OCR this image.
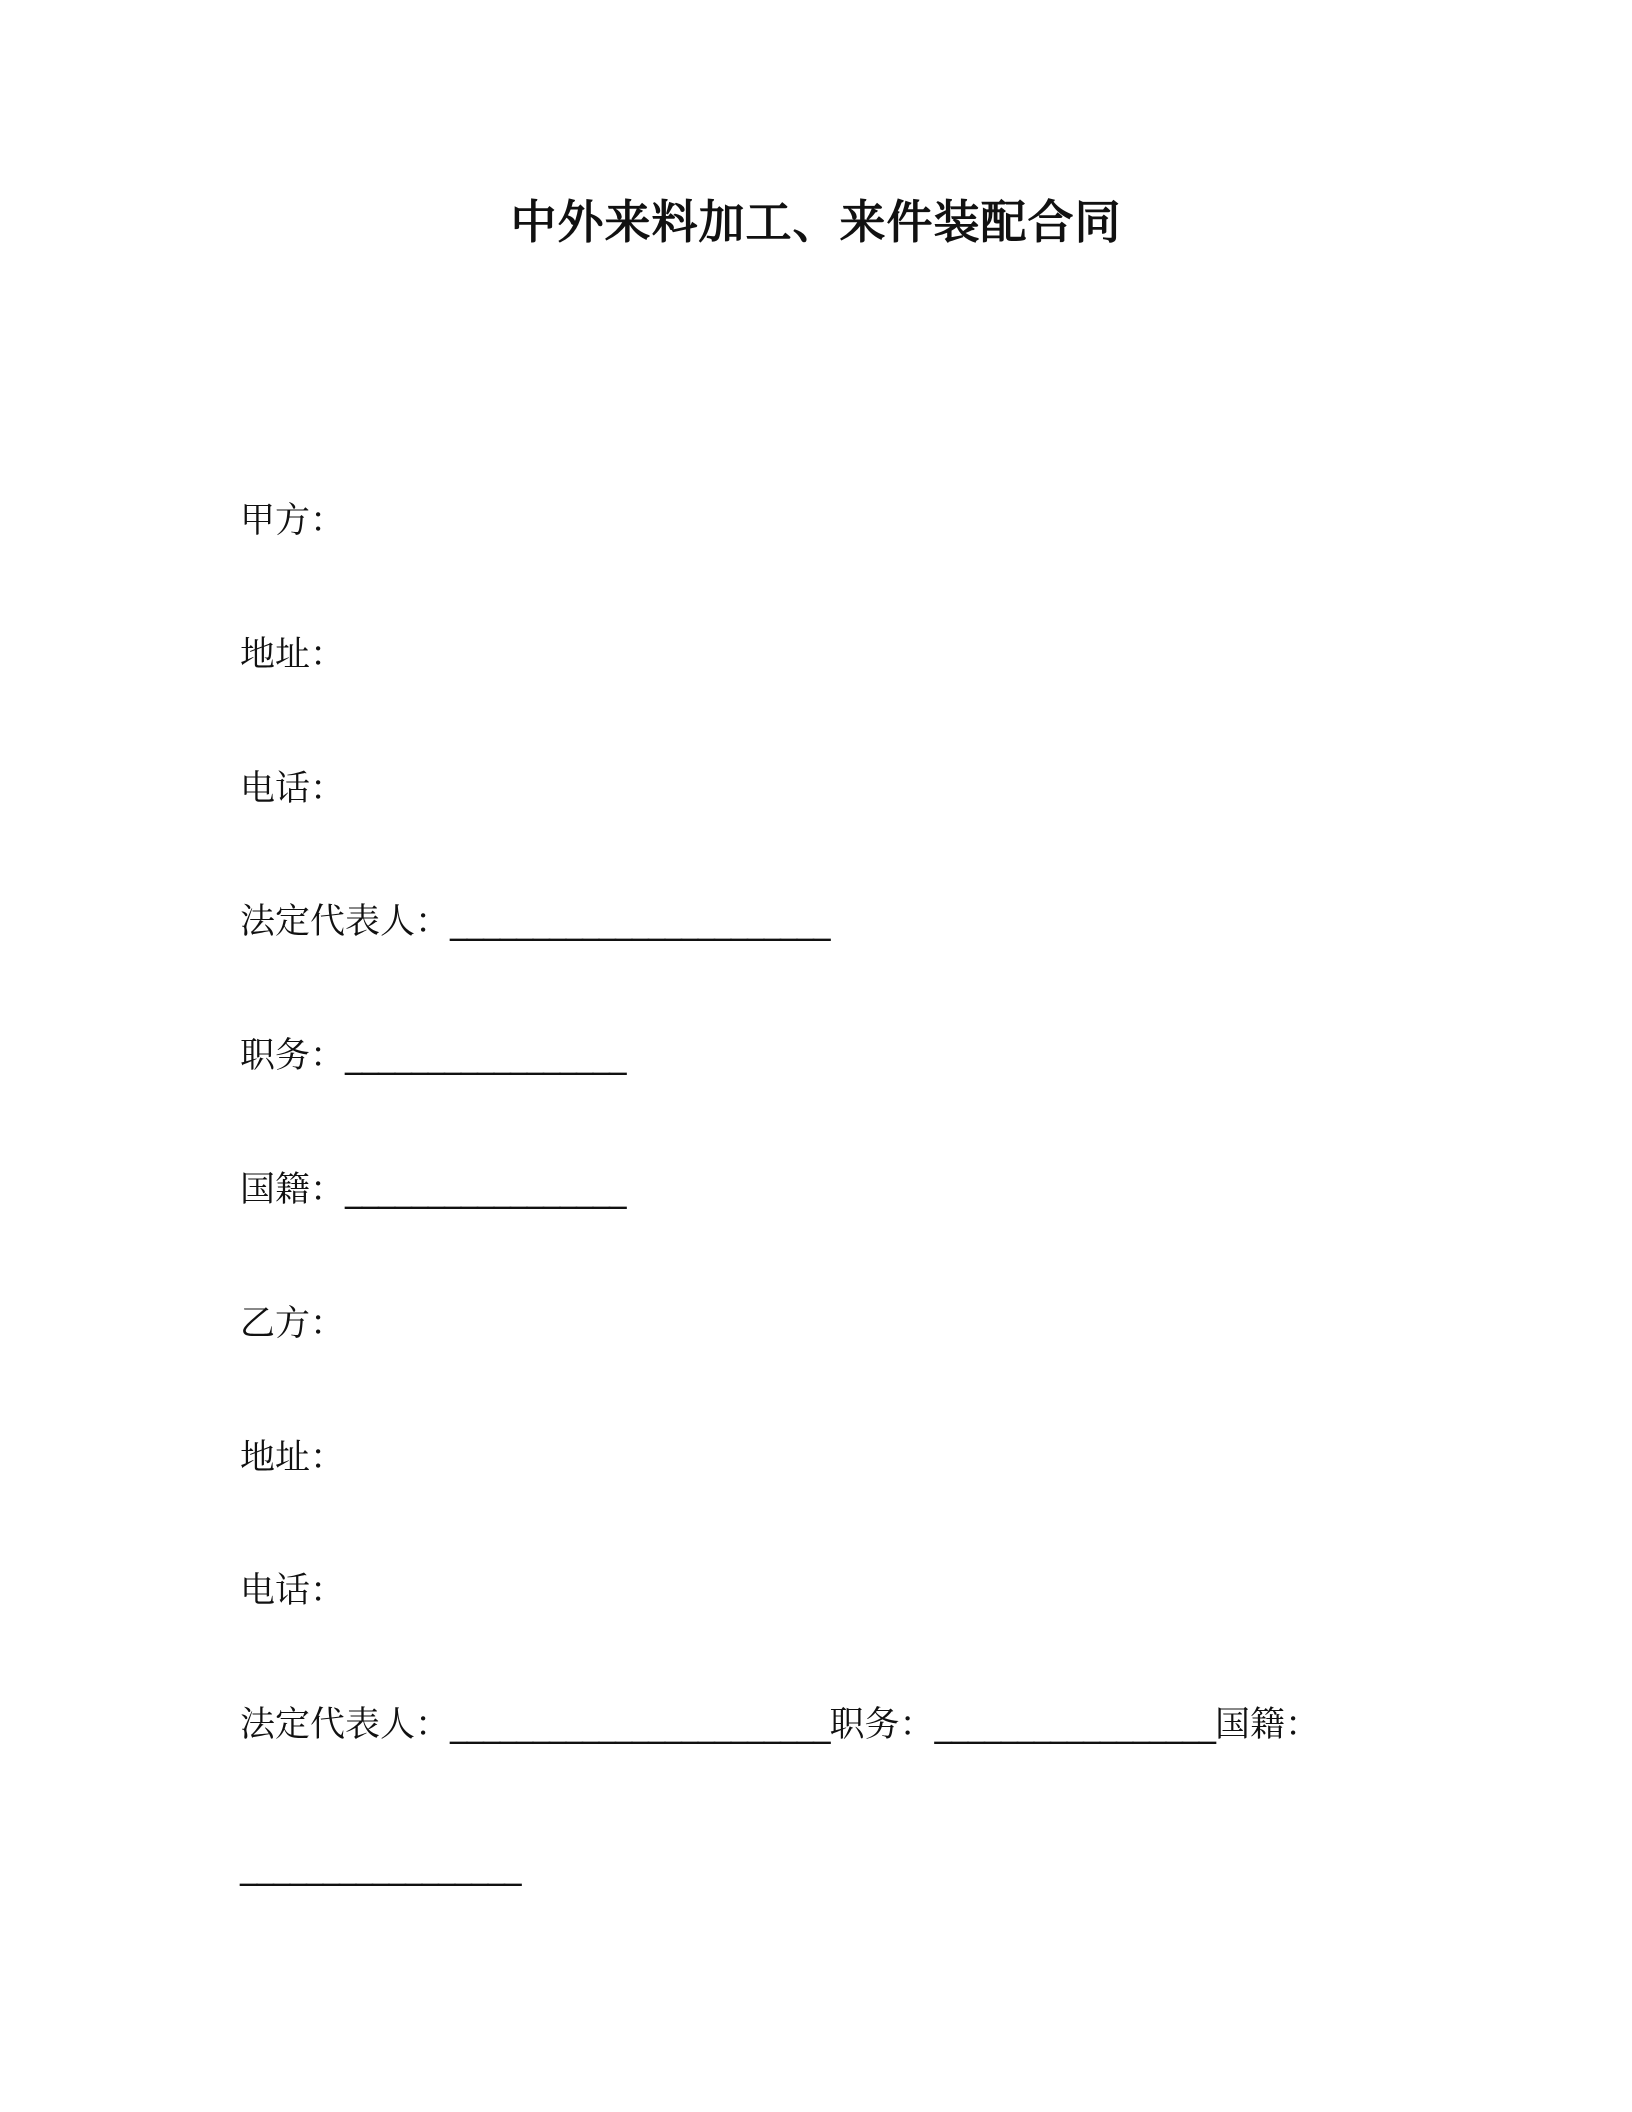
中外来料加工、来件装配合同
甲方：
地址：
电话：
法定代表人：_______________________
职务：_________________
国籍：_________________
乙方：
地址：
电话：
法定代表人：_______________________职务：_________________国籍：
_________________
